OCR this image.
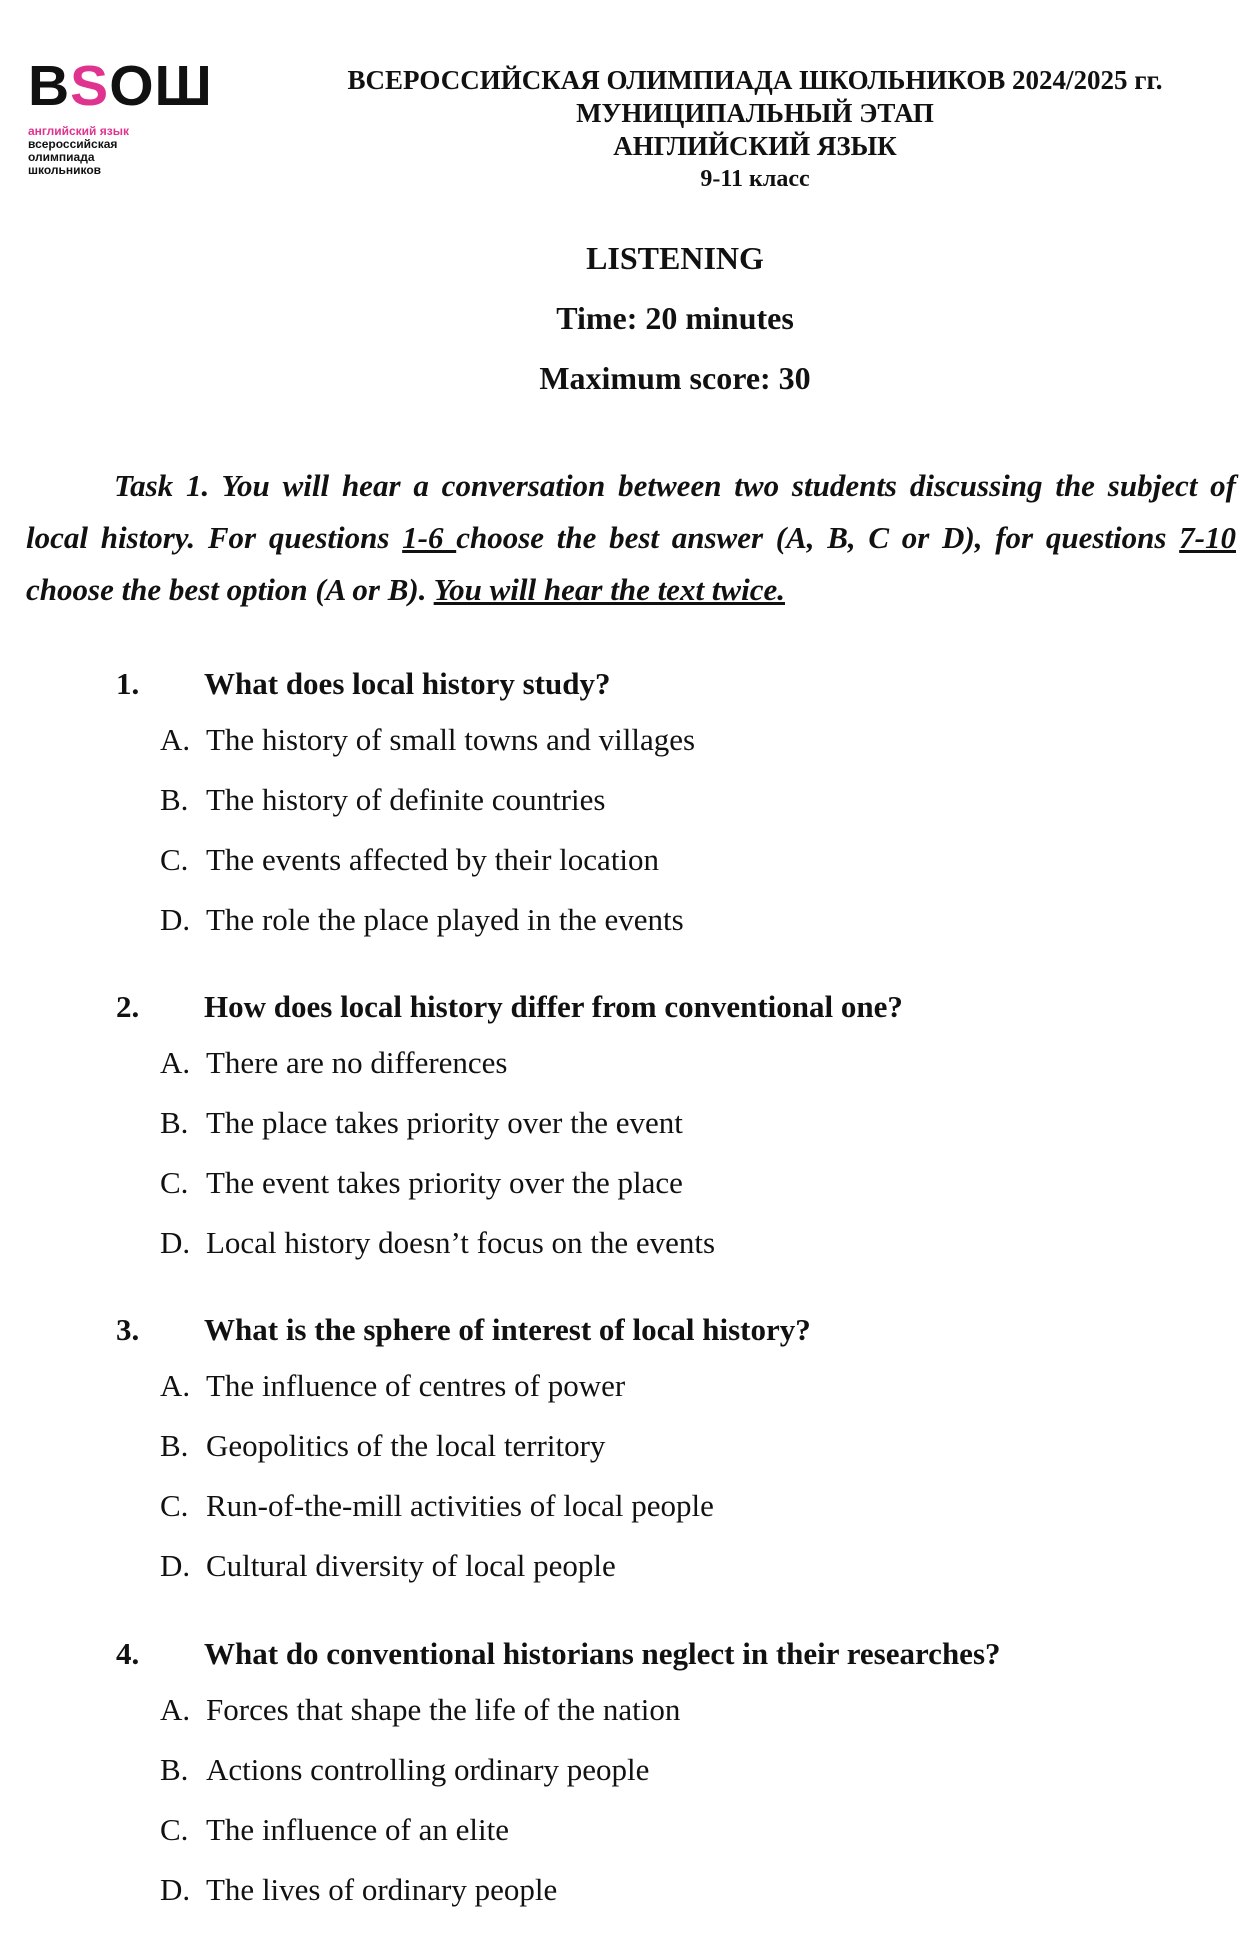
B S OШ
английский язык
всероссийская
олимпиада
школьников
ВСЕРОССИЙСКАЯ ОЛИМПИАДА ШКОЛЬНИКОВ 2024/2025 гг.
МУНИЦИПАЛЬНЫЙ ЭТАП
АНГЛИЙСКИЙ ЯЗЫК
9-11 класс
LISTENING
Time: 20 minutes
Maximum score: 30
Task 1. You will hear a conversation between two students discussing the subject of local history. For questions 1-6 choose the best answer (A, B, C or D), for questions 7-10 choose the best option (A or B). You will hear the text twice.
1. What does local history study?
A. The history of small towns and villages
B. The history of definite countries
C. The events affected by their location
D. The role the place played in the events
2. How does local history differ from conventional one?
A. There are no differences
B. The place takes priority over the event
C. The event takes priority over the place
D. Local history doesn’t focus on the events
3. What is the sphere of interest of local history?
A. The influence of centres of power
B. Geopolitics of the local territory
C. Run-of-the-mill activities of local people
D. Cultural diversity of local people
4. What do conventional historians neglect in their researches?
A. Forces that shape the life of the nation
B. Actions controlling ordinary people
C. The influence of an elite
D. The lives of ordinary people
